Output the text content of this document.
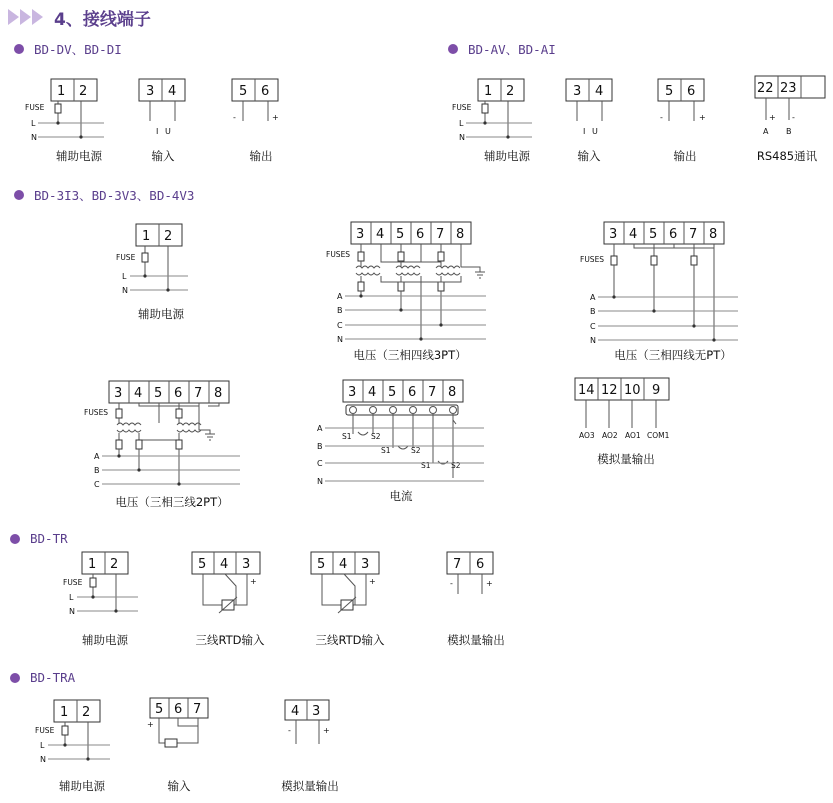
4、接线端子
BD-DV、BD-DI	BD-AV、BD-AI
BD-3I3、BD-3V3、BD-4V3
BD-TR
BD-TRA
辅助电源	输入	输出	辅助电源	输入	输出	RS485通讯
辅助电源
电压（三相四线3PT）	电压（三相四线无PT）
电压（三相三线2PT）	电流
模拟量输出
辅助电源	三线RTD输入	三线RTD输入	模拟量输出
辅助电源	输入	模拟量输出
1 2
FUSE
L
N
3 4
I U
5 6
-	+
1 2
FUSE
L
N
3 4
I U
5 6
-	+
22 23
+ -
A B
1 2
FUSE
L
N
3 4 5 6 7 8
FUSES
A
B
C
N
3 4 5 6 7 8
FUSES
A
B
C
N
3 4 5 6 7 8
FUSES
A
B
C
3 4 5 6 7 8
S1	S2
S1	S2
S1	S2
A
B
C
N
14 12 10 9
AO3 AO2 AO1 COM1
1 2
FUSE
L
N
5 4 3
+
5 4 3
+
7 6
-	+
1 2
FUSE
L
N
5 6 7
+
4 3
-	+
